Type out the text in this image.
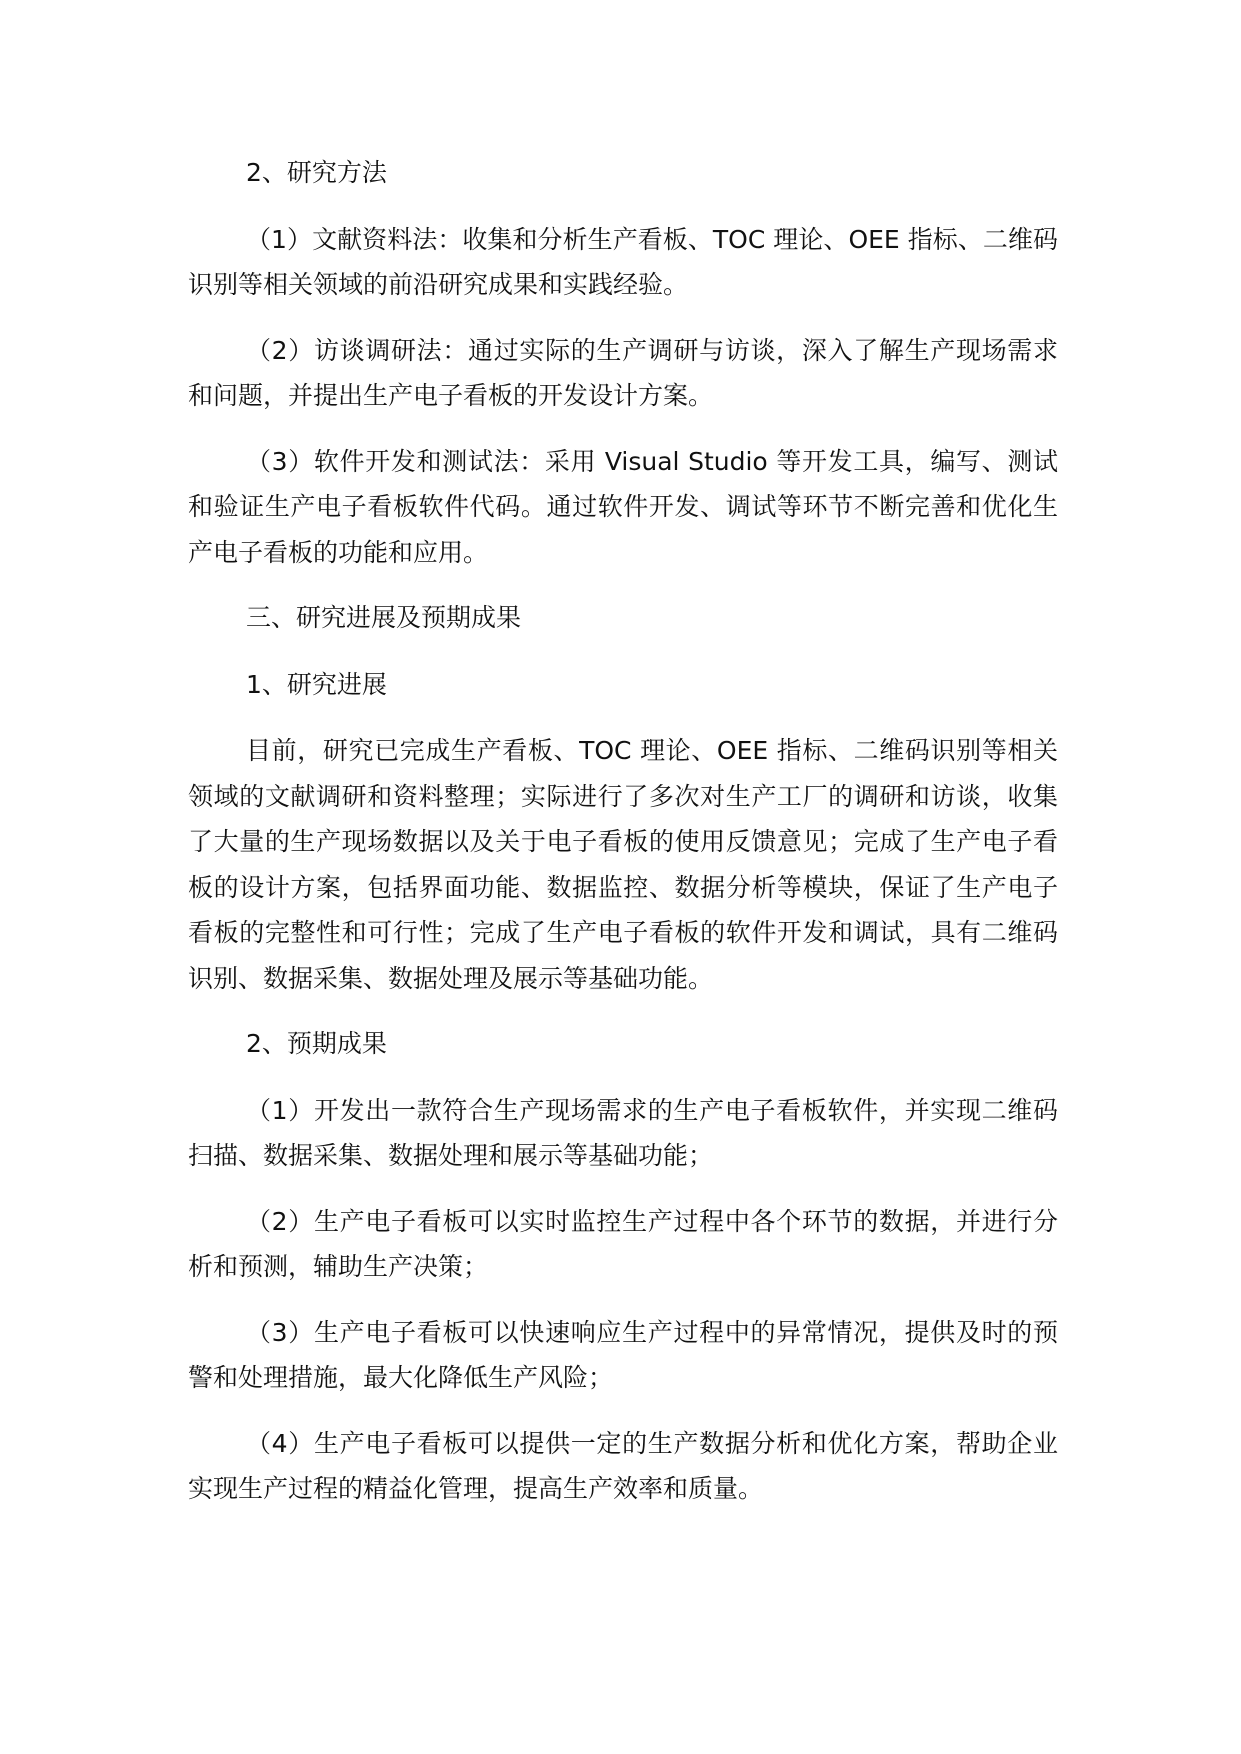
2、研究方法

（1）文献资料法：收集和分析生产看板、TOC 理论、OEE 指标、二维码识别等相关领域的前沿研究成果和实践经验。

（2）访谈调研法：通过实际的生产调研与访谈，深入了解生产现场需求和问题，并提出生产电子看板的开发设计方案。

（3）软件开发和测试法：采用 Visual Studio 等开发工具，编写、测试和验证生产电子看板软件代码。通过软件开发、调试等环节不断完善和优化生产电子看板的功能和应用。

三、研究进展及预期成果

1、研究进展

目前，研究已完成生产看板、TOC 理论、OEE 指标、二维码识别等相关领域的文献调研和资料整理；实际进行了多次对生产工厂的调研和访谈，收集了大量的生产现场数据以及关于电子看板的使用反馈意见；完成了生产电子看板的设计方案，包括界面功能、数据监控、数据分析等模块，保证了生产电子看板的完整性和可行性；完成了生产电子看板的软件开发和调试，具有二维码识别、数据采集、数据处理及展示等基础功能。

2、预期成果

（1）开发出一款符合生产现场需求的生产电子看板软件，并实现二维码扫描、数据采集、数据处理和展示等基础功能；

（2）生产电子看板可以实时监控生产过程中各个环节的数据，并进行分析和预测，辅助生产决策；

（3）生产电子看板可以快速响应生产过程中的异常情况，提供及时的预警和处理措施，最大化降低生产风险；

（4）生产电子看板可以提供一定的生产数据分析和优化方案，帮助企业实现生产过程的精益化管理，提高生产效率和质量。
